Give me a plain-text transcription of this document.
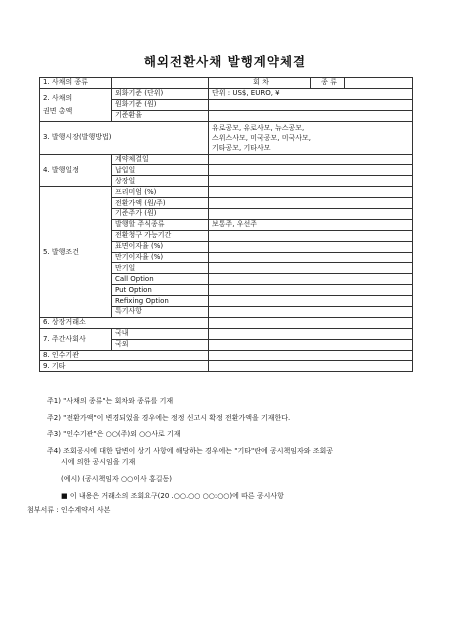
해외전환사채 발행계약체결
1. 사채의 종류		회 차	종 류	
2. 사채의
권면 총액	외화기준 (단위)	단위 : US$, EURO, ¥		
	원화기준 (원)			
	기준환율			
3. 발행시장(발행방법)		유로공모, 유로사모, 뉴스공모,
스위스사모, 미국공모, 미국사모,
기타공모, 기타사모		
4. 발행일정	계약체결일			
	납입일			
	상장일			
5. 발행조건	프리미엄 (%)			
	전환가액 (원/주)			
	기준주가 (원)			
	발행할 주식종류	보통주, 우선주		
	전환청구 가능기간			
	표면이자율 (%)			
	만기이자율 (%)			
	만기일			
	Call Option			
	Put Option			
	Refixing Option			
	특기사항			
6. 상장거래소				
7. 주간사회사	국내			
	국외			
8. 인수기관				
9. 기타				
주1) "사채의 종류"는 회차와 종류를 기재
주2) "전환가액"이 변경되었을 경우에는 정정 신고시 확정 전환가액을 기재한다.
주3) "인수기관"은 ○○(주)외 ○○사로 기재
주4) 조회공시에 대한 답변이 상기 사항에 해당하는 경우에는 "기타"란에 공시책임자와 조회공
시에 의한 공시임을 기재
(예시) (공시책임자 ○○이사 홍길동)
■ 이 내용은 거래소의 조회요구(20 .○○.○○ ○○:○○)에 따른 공시사항
첨부서류 : 인수계약서 사본
